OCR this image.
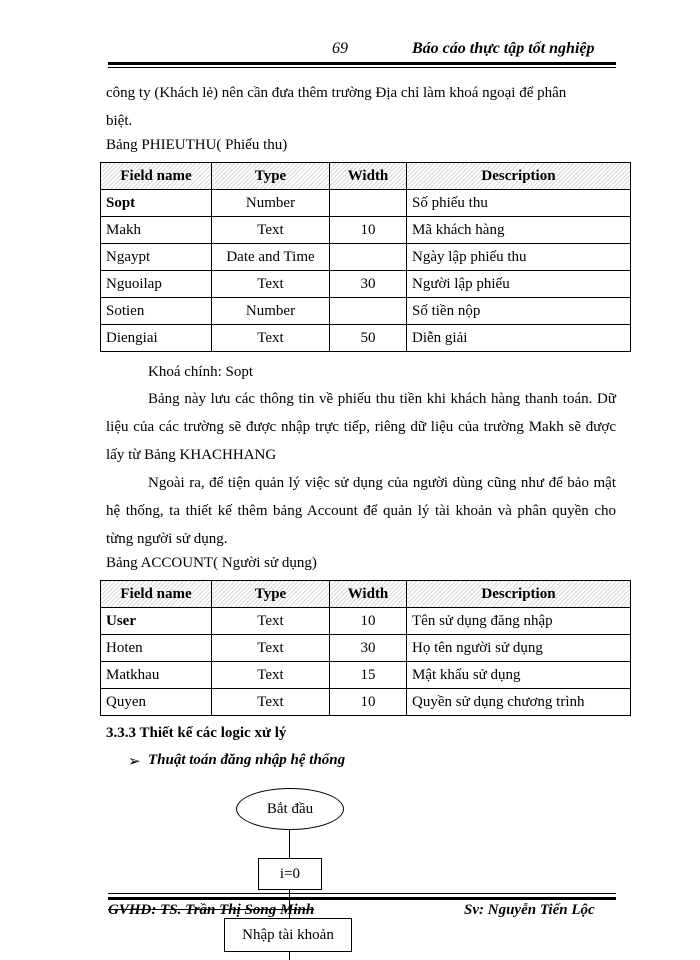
69	Báo cáo thực tập tốt nghiệp
công ty (Khách lẻ) nên cần đưa thêm trường Địa chỉ làm khoá ngoại để phân
biệt.
Bảng PHIEUTHU( Phiếu thu)
Field name	Type	Width	Description
Sopt	Number		Số phiếu thu
Makh	Text	10	Mã khách hàng
Ngaypt	Date and Time		Ngày lập phiếu thu
Nguoilap	Text	30	Người lập phiếu
Sotien	Number		Số tiền nộp
Diengiai	Text	50	Diễn giải
Khoá chính: Sopt
Bảng này lưu các thông tin về phiếu thu tiền khi khách hàng thanh toán. Dữ liệu của các trường sẽ được nhập trực tiếp, riêng dữ liệu của trường Makh sẽ được lấy từ Bảng KHACHHANG
Ngoài ra, để tiện quản lý việc sử dụng của người dùng cũng như để bảo mật hệ thống, ta thiết kế thêm bảng Account để quản lý tài khoản và phân quyền cho từng người sử dụng.
Bảng ACCOUNT( Người sử dụng)
Field name	Type	Width	Description
User	Text	10	Tên sử dụng đăng nhập
Hoten	Text	30	Họ tên người sử dụng
Matkhau	Text	15	Mật khẩu sử dụng
Quyen	Text	10	Quyền sử dụng chương trình
3.3.3 Thiết kế các logic xử lý
➢ Thuật toán đăng nhập hệ thống
Bắt đầu
i=0
GVHD: TS. Trần Thị Song Minh	Sv: Nguyễn Tiến Lộc
Nhập tài khoản
